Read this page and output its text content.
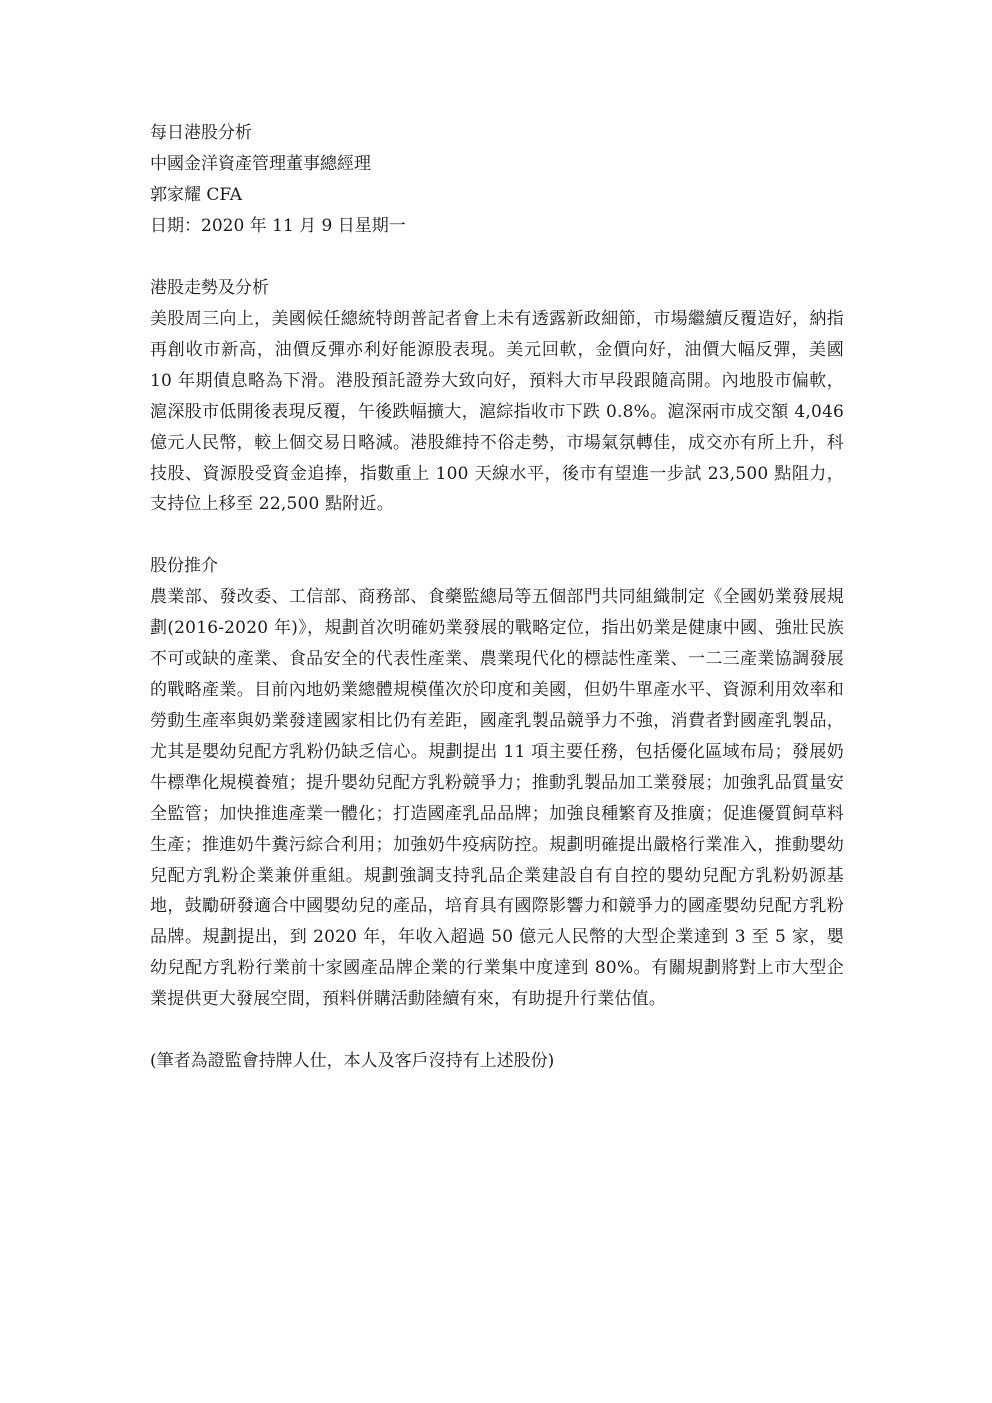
每日港股分析

中國金洋資產管理董事總經理

郭家耀 CFA

日期：2020 年 11 月 9 日星期一

港股走勢及分析

美股周三向上，美國候任總統特朗普記者會上未有透露新政細節，市場繼續反覆造好，納指再創收市新高，油價反彈亦利好能源股表現。美元回軟，金價向好，油價大幅反彈，美國 10 年期債息略為下滑。港股預託證券大致向好，預料大市早段跟隨高開。內地股市偏軟，滬深股市低開後表現反覆，午後跌幅擴大，滬綜指收市下跌 0.8%。滬深兩市成交額 4,046 億元人民幣，較上個交易日略減。港股維持不俗走勢，市場氣氛轉佳，成交亦有所上升，科技股、資源股受資金追捧，指數重上 100 天線水平，後市有望進一步試 23,500 點阻力，支持位上移至 22,500 點附近。

股份推介

農業部、發改委、工信部、商務部、食藥監總局等五個部門共同組織制定《全國奶業發展規劃(2016-2020 年)》，規劃首次明確奶業發展的戰略定位，指出奶業是健康中國、強壯民族不可或缺的產業、食品安全的代表性產業、農業現代化的標誌性產業、一二三產業協調發展的戰略產業。目前內地奶業總體規模僅次於印度和美國，但奶牛單產水平、資源利用效率和勞動生產率與奶業發達國家相比仍有差距，國產乳製品競爭力不強，消費者對國產乳製品，尤其是嬰幼兒配方乳粉仍缺乏信心。規劃提出 11 項主要任務，包括優化區域布局；發展奶牛標準化規模養殖；提升嬰幼兒配方乳粉競爭力；推動乳製品加工業發展；加強乳品質量安全監管；加快推進產業一體化；打造國產乳品品牌；加強良種繁育及推廣；促進優質飼草料生產；推進奶牛糞污綜合利用；加強奶牛疫病防控。規劃明確提出嚴格行業准入，推動嬰幼兒配方乳粉企業兼併重組。規劃強調支持乳品企業建設自有自控的嬰幼兒配方乳粉奶源基地，鼓勵研發適合中國嬰幼兒的產品，培育具有國際影響力和競爭力的國產嬰幼兒配方乳粉品牌。規劃提出，到 2020 年，年收入超過 50 億元人民幣的大型企業達到 3 至 5 家，嬰幼兒配方乳粉行業前十家國產品牌企業的行業集中度達到 80%。有關規劃將對上市大型企業提供更大發展空間，預料併購活動陸續有來，有助提升行業估值。

(筆者為證監會持牌人仕，本人及客戶沒持有上述股份)
